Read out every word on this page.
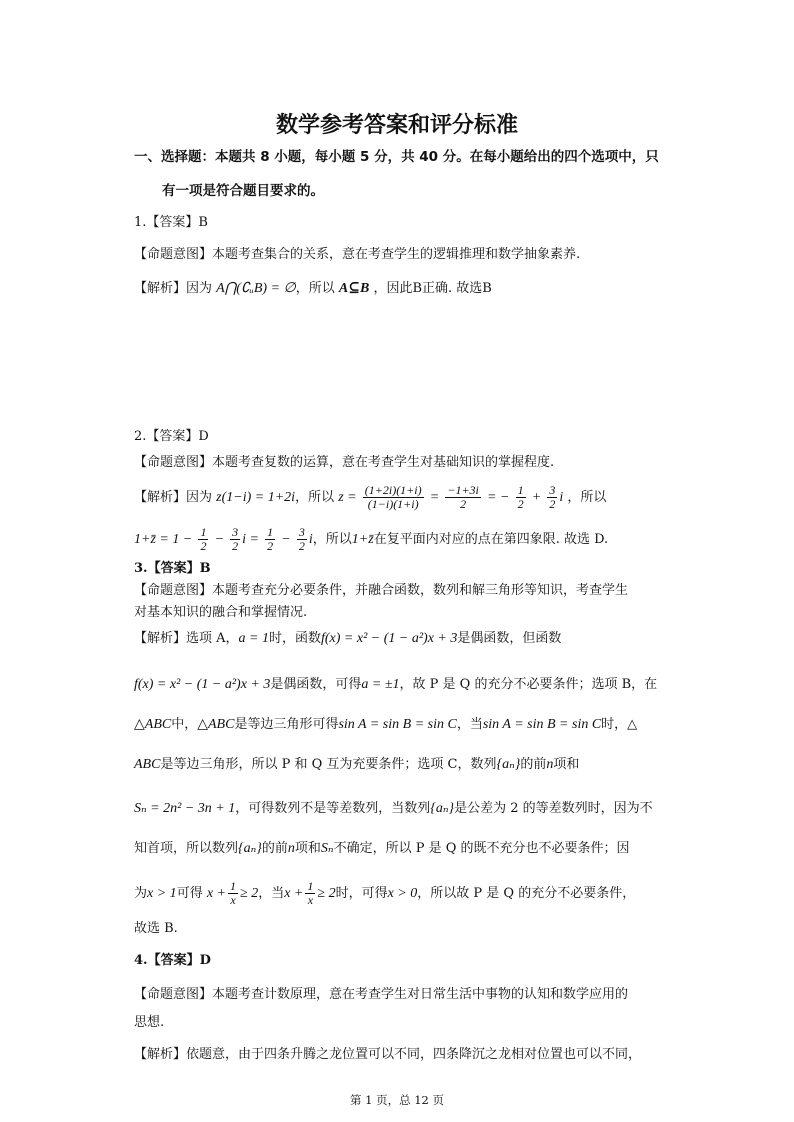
数学参考答案和评分标准
一、选择题：本题共 8 小题，每小题 5 分，共 40 分。在每小题给出的四个选项中，只
有一项是符合题目要求的。
1.【答案】B
【命题意图】本题考查集合的关系，意在考查学生的逻辑推理和数学抽象素养.
【解析】因为 A⋂(∁ᵤB) = ∅，所以 A⊆B ，因此B正确. 故选B
2.【答案】D
【命题意图】本题考查复数的运算，意在考查学生对基础知识的掌握程度.
【解析】因为 z(1−i) = 1+2i，所以 $z = \frac{(1+2i)(1+i)}{(1-i)(1+i)} = \frac{-1+3i}{2}$ = − $\frac{1}{2} + \frac{3}{2}$ i ，所以
1+z̄ = $1 - \frac{1}{2} - \frac{3}{2}$ $i = \frac{1}{2} - \frac{3}{2}$ i，所以1+z̄在复平面内对应的点在第四象限. 故选 D.
3.【答案】B
【命题意图】本题考查充分必要条件，并融合函数，数列和解三角形等知识，考查学生
对基本知识的融合和掌握情况.
【解析】选项 A，a = 1时，函数f(x) = x² − (1 − a²)x + 3是偶函数，但函数
f(x) = x² − (1 − a²)x + 3是偶函数，可得a = ±1，故 P 是 Q 的充分不必要条件；选项 B，在
△ABC中，△ABC是等边三角形可得sin A = sin B = sin C，当sin A = sin B = sin C时，△
ABC是等边三角形，所以 P 和 Q 互为充要条件；选项 C，数列{aₙ}的前n项和
Sₙ = 2n² − 3n + 1，可得数列不是等差数列，当数列{aₙ}是公差为 2 的等差数列时，因为不
知首项，所以数列{aₙ}的前n项和Sₙ不确定，所以 P 是 Q 的既不充分也不必要条件；因
为x > 1可得 $x + \frac{1}{x} \ge 2$，当$x + \frac{1}{x} \ge 2$时，可得x > 0，所以故 P 是 Q 的充分不必要条件，
故选 B.
4.【答案】D
【命题意图】本题考查计数原理，意在考查学生对日常生活中事物的认知和数学应用的
思想.
【解析】依题意，由于四条升腾之龙位置可以不同，四条降沉之龙相对位置也可以不同，
第 1 页，总 12 页
